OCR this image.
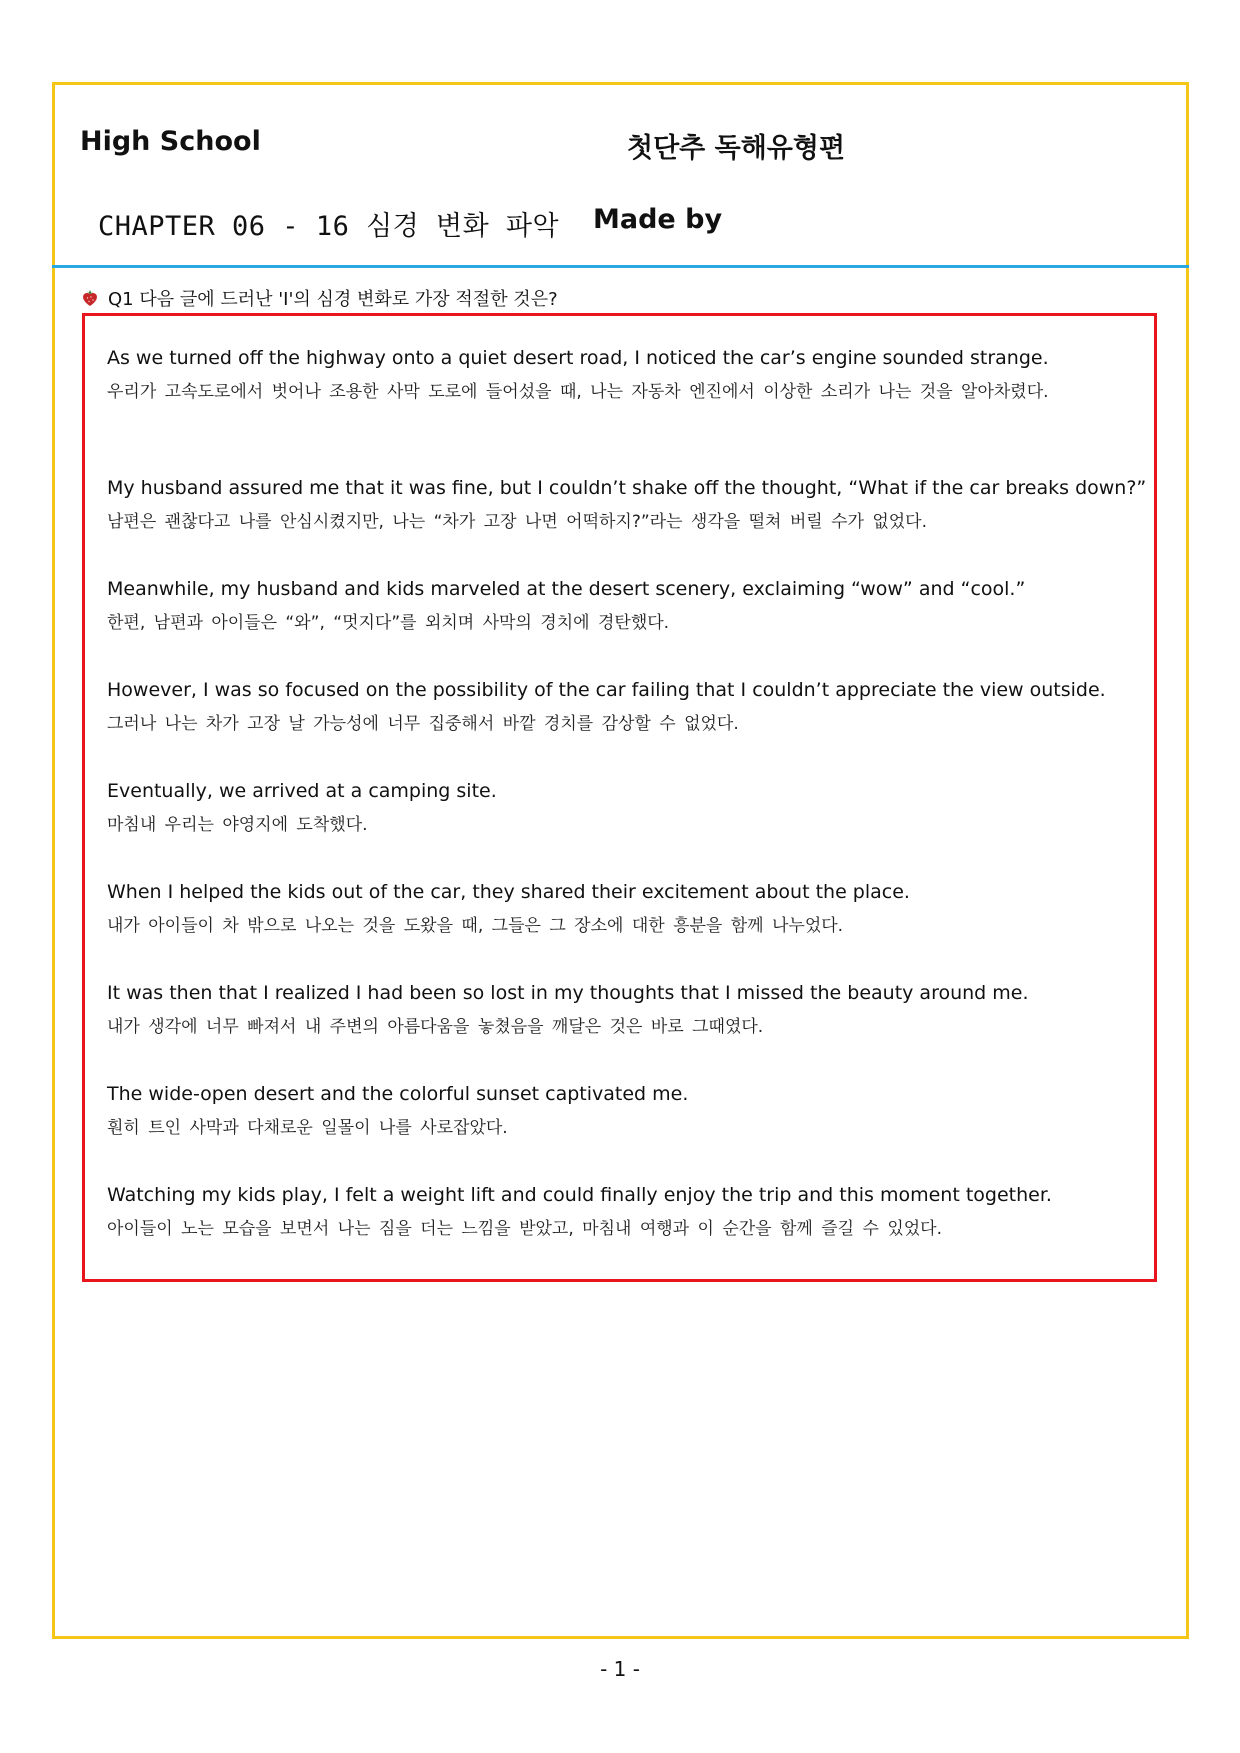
High School	첫단추 독해유형편
CHAPTER 06 - 16 심경 변화 파악 Made by
Q1 다음 글에 드러난 'I'의 심경 변화로 가장 적절한 것은?
As we turned off the highway onto a quiet desert road, I noticed the car’s engine sounded strange.
우리가 고속도로에서 벗어나 조용한 사막 도로에 들어섰을 때, 나는 자동차 엔진에서 이상한 소리가 나는 것을 알아차렸다.
My husband assured me that it was fine, but I couldn’t shake off the thought, “What if the car breaks down?”
남편은 괜찮다고 나를 안심시켰지만, 나는 “차가 고장 나면 어떡하지?”라는 생각을 떨쳐 버릴 수가 없었다.
Meanwhile, my husband and kids marveled at the desert scenery, exclaiming “wow” and “cool.”
한편, 남편과 아이들은 “와”, “멋지다”를 외치며 사막의 경치에 경탄했다.
However, I was so focused on the possibility of the car failing that I couldn’t appreciate the view outside.
그러나 나는 차가 고장 날 가능성에 너무 집중해서 바깥 경치를 감상할 수 없었다.
Eventually, we arrived at a camping site.
마침내 우리는 야영지에 도착했다.
When I helped the kids out of the car, they shared their excitement about the place.
내가 아이들이 차 밖으로 나오는 것을 도왔을 때, 그들은 그 장소에 대한 흥분을 함께 나누었다.
It was then that I realized I had been so lost in my thoughts that I missed the beauty around me.
내가 생각에 너무 빠져서 내 주변의 아름다움을 놓쳤음을 깨달은 것은 바로 그때였다.
The wide-open desert and the colorful sunset captivated me.
훤히 트인 사막과 다채로운 일몰이 나를 사로잡았다.
Watching my kids play, I felt a weight lift and could finally enjoy the trip and this moment together.
아이들이 노는 모습을 보면서 나는 짐을 더는 느낌을 받았고, 마침내 여행과 이 순간을 함께 즐길 수 있었다.
- 1 -
